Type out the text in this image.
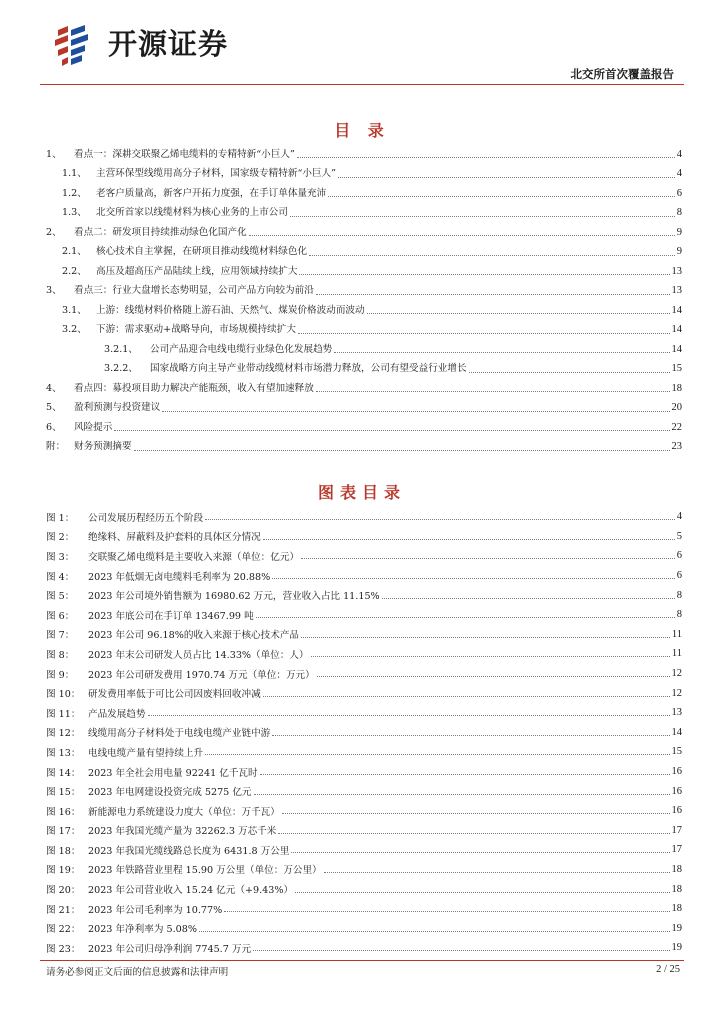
开源证券
北交所首次覆盖报告
目 录
1、	看点一：深耕交联聚乙烯电缆料的专精特新“小巨人”	4
1.1、 主营环保型线缆用高分子材料，国家级专精特新“小巨人”	4
1.2、 老客户质量高，新客户开拓力度强，在手订单体量充沛	6
1.3、 北交所首家以线缆材料为核心业务的上市公司	8
2、	看点二：研发项目持续推动绿色化国产化	9
2.1、 核心技术自主掌握，在研项目推动线缆材料绿色化	9
2.2、 高压及超高压产品陆续上线，应用领域持续扩大	13
3、	看点三：行业大盘增长态势明显，公司产品方向较为前沿	13
3.1、 上游：线缆材料价格随上游石油、天然气、煤炭价格波动而波动	14
3.2、 下游：需求驱动+战略导向，市场规模持续扩大	14
3.2.1、	公司产品迎合电线电缆行业绿色化发展趋势	14
3.2.2、	国家战略方向主导产业带动线缆材料市场潜力释放，公司有望受益行业增长	15
4、	看点四：募投项目助力解决产能瓶颈，收入有望加速释放	18
5、	盈利预测与投资建议	20
6、	风险提示	22
附： 财务预测摘要	23
图表目录
图 1：	公司发展历程经历五个阶段	4
图 2：	绝缘料、屏蔽料及护套料的具体区分情况	5
图 3：	交联聚乙烯电缆料是主要收入来源（单位：亿元）	6
图 4：	2023 年低烟无卤电缆料毛利率为 20.88%	6
图 5：	2023 年公司境外销售额为 16980.62 万元，营业收入占比 11.15%	8
图 6：	2023 年底公司在手订单 13467.99 吨	8
图 7：	2023 年公司 96.18%的收入来源于核心技术产品	11
图 8：	2023 年末公司研发人员占比 14.33%（单位：人）	11
图 9：	2023 年公司研发费用 1970.74 万元（单位：万元）	12
图 10： 研发费用率低于可比公司因废料回收冲减	12
图 11： 产品发展趋势	13
图 12： 线缆用高分子材料处于电线电缆产业链中游	14
图 13： 电线电缆产量有望持续上升	15
图 14： 2023 年全社会用电量 92241 亿千瓦时	16
图 15： 2023 年电网建设投资完成 5275 亿元	16
图 16： 新能源电力系统建设力度大（单位：万千瓦）	16
图 17： 2023 年我国光缆产量为 32262.3 万芯千米	17
图 18： 2023 年我国光缆线路总长度为 6431.8 万公里	17
图 19： 2023 年铁路营业里程 15.90 万公里（单位：万公里）	18
图 20： 2023 年公司营业收入 15.24 亿元（+9.43%）	18
图 21： 2023 年公司毛利率为 10.77%	18
图 22： 2023 年净利率为 5.08%	19
图 23： 2023 年公司归母净利润 7745.7 万元	19
请务必参阅正文后面的信息披露和法律声明	2 / 25
